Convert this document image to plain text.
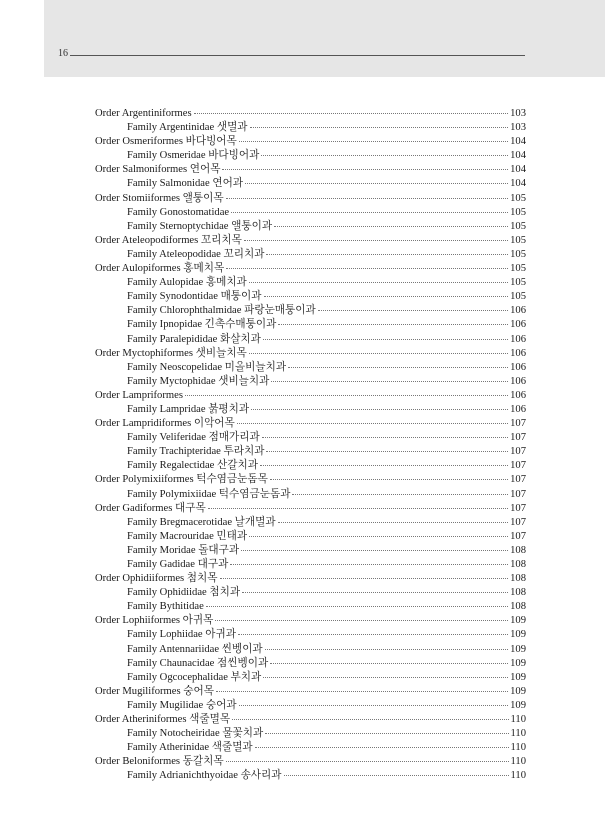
16
Order Argentiniformes	103
Family Argentinidae 샛멸과	103
Order Osmeriformes 바다빙어목	104
Family Osmeridae 바다빙어과	104
Order Salmoniformes 연어목	104
Family Salmonidae 연어과	104
Order Stomiiformes 앨퉁이목	105
Family Gonostomatidae	105
Family Sternoptychidae 앨퉁이과	105
Order Ateleopodiformes 꼬리치목	105
Family Ateleopodidae 꼬리치과	105
Order Aulopiformes 홍메치목	105
Family Aulopidae 홍메치과	105
Family Synodontidae 매퉁이과	105
Family Chlorophthalmidae 파랑눈매퉁이과	106
Family Ipnopidae 긴촉수매퉁이과	106
Family Paralepididae 화살치과	106
Order Myctophiformes 샛비늘치목	106
Family Neoscopelidae 미올비늘치과	106
Family Myctophidae 샛비늘치과	106
Order Lampriformes	106
Family Lampridae 붉평치과	106
Order Lampridiformes 이악어목	107
Family Veliferidae 점매가리과	107
Family Trachipteridae 투라치과	107
Family Regalectidae 산갈치과	107
Order Polymixiiformes 턱수염금눈돔목	107
Family Polymixiidae 턱수염금눈돔과	107
Order Gadiformes 대구목	107
Family Bregmacerotidae 날개멸과	107
Family Macrouridae 민태과	107
Family Moridae 돌대구과	108
Family Gadidae 대구과	108
Order Ophidiiformes 첨치목	108
Family Ophidiidae 첨치과	108
Family Bythitidae	108
Order Lophiiformes 아귀목	109
Family Lophiidae 아귀과	109
Family Antennariidae 씬벵이과	109
Family Chaunacidae 점씬벵이과	109
Family Ogcocephalidae 부치과	109
Order Mugiliformes 숭어목	109
Family Mugilidae 숭어과	109
Order Atheriniformes 색줄멸목	110
Family Notocheiridae 물꽃치과	110
Family Atherinidae 색줄멸과	110
Order Beloniformes 동갈치목	110
Family Adrianichthyoidae 송사리과	110
